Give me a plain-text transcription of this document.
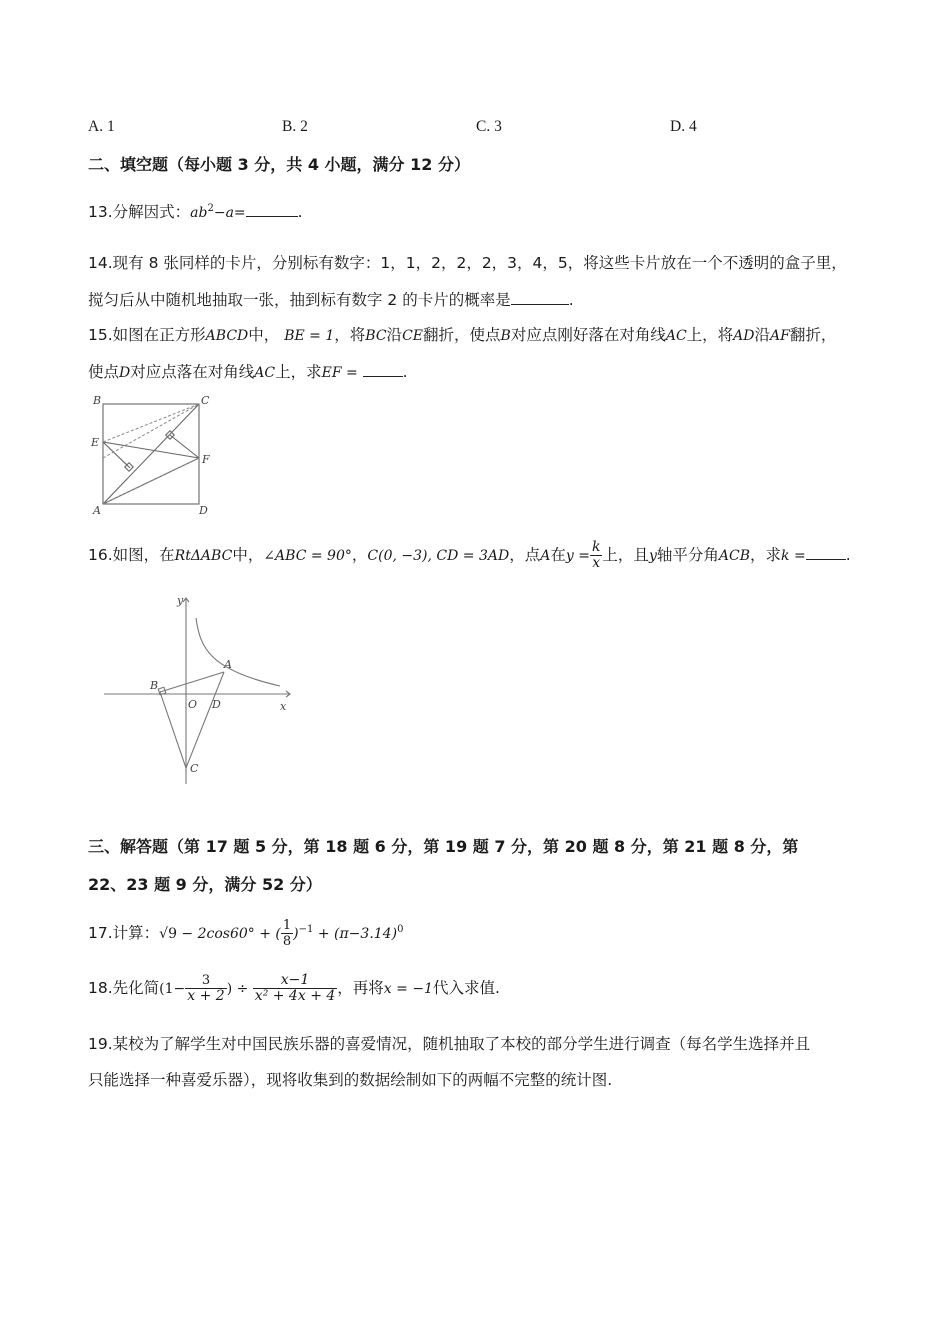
A. 1	B. 2	C. 3	D. 4
二、填空题（每小题 3 分，共 4 小题，满分 12 分）
13.分解因式：$ab^2-a=$	.
14.现有 8 张同样的卡片，分别标有数字：1，1，2，2，2，3，4，5，将这些卡片放在一个不透明的盒子里，
搅匀后从中随机地抽取一张，抽到标有数字 2 的卡片的概率是	.
15.如图在正方形ABCD中， BE = 1，将BC沿CE翻折，使点B对应点刚好落在对角线AC上，将AD沿AF翻折，
使点D对应点落在对角线AC上，求EF =	.
B	C
E
F
A	D
16.如图，在RtΔABC中，∠ABC = 90°，C(0, −3), CD = 3AD，点A在$y = \frac{k}{x}$ 上，且y轴平分角ACB，求k =	.
y
x
A
B
O D
C
三、解答题（第 17 题 5 分，第 18 题 6 分，第 19 题 7 分，第 20 题 8 分，第 21 题 8 分，第
22、23 题 9 分，满分 52 分）
17.计算：√9 − 2cos60° + ( $\frac{1}{8} )^{-1} + (\pi-3.14)^0$
18.先化简($1- \frac{3}{x + 2}$ ) ÷ $\frac{x-1}{\text{x² + 4x + 4}}$ ，再将x = −1代入求值.
19.某校为了解学生对中国民族乐器的喜爱情况，随机抽取了本校的部分学生进行调查（每名学生选择并且
只能选择一种喜爱乐器），现将收集到的数据绘制如下的两幅不完整的统计图.
